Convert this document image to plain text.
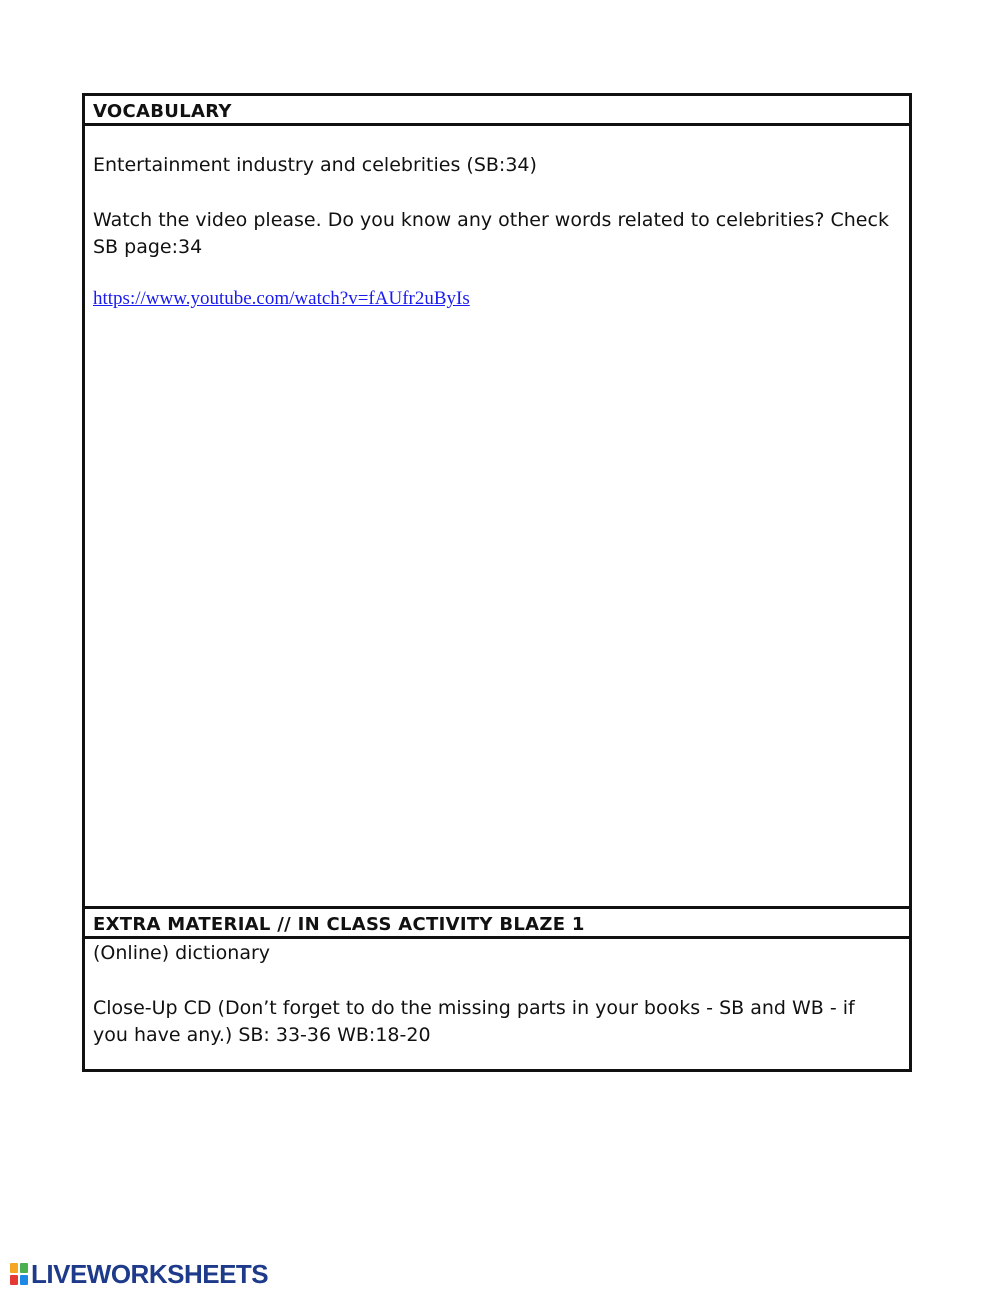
VOCABULARY

Entertainment industry and celebrities (SB:34)

Watch the video please. Do you know any other words related to celebrities? Check SB page:34

https://www.youtube.com/watch?v=fAUfr2uByIs

EXTRA MATERIAL // IN CLASS ACTIVITY BLAZE 1

(Online) dictionary

Close-Up CD (Don’t forget to do the missing parts in your books - SB and WB - if you have any.) SB: 33-36 WB:18-20

LIVEWORKSHEETS
